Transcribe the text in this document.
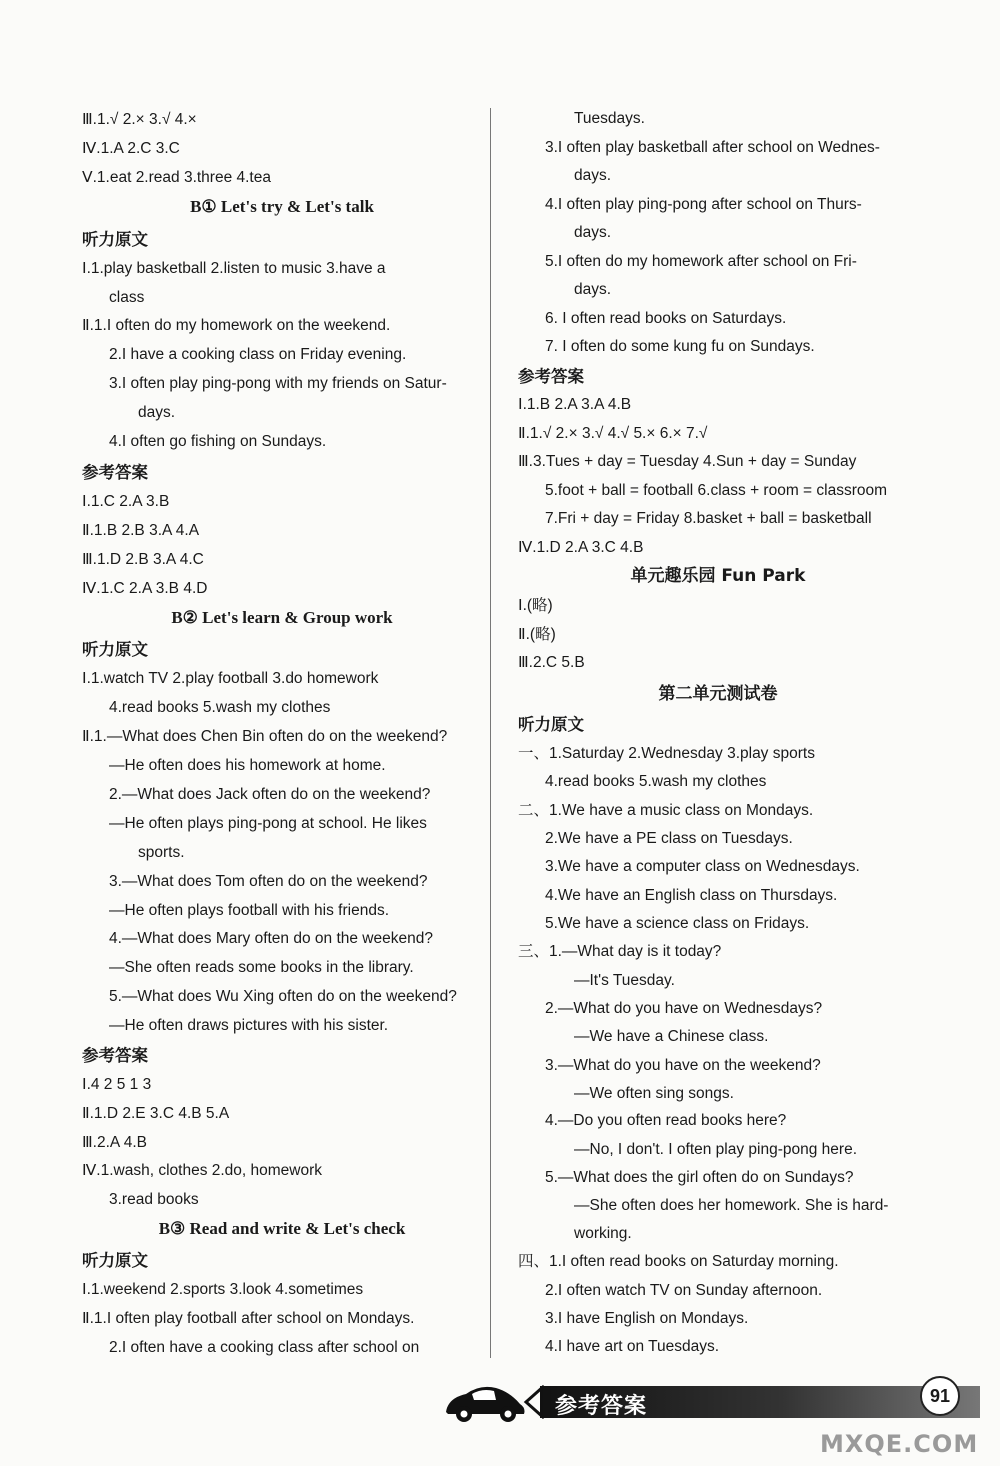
Ⅲ.1.√ 2.× 3.√ 4.×
Ⅳ.1.A 2.C 3.C
Ⅴ.1.eat 2.read 3.three 4.tea
B① Let's try & Let's talk
听力原文
Ⅰ.1.play basketball 2.listen to music 3.have a
class
Ⅱ.1.I often do my homework on the weekend.
2.I have a cooking class on Friday evening.
3.I often play ping-pong with my friends on Satur-
days.
4.I often go fishing on Sundays.
参考答案
Ⅰ.1.C 2.A 3.B
Ⅱ.1.B 2.B 3.A 4.A
Ⅲ.1.D 2.B 3.A 4.C
Ⅳ.1.C 2.A 3.B 4.D
B② Let's learn & Group work
听力原文
Ⅰ.1.watch TV 2.play football 3.do homework
4.read books 5.wash my clothes
Ⅱ.1.—What does Chen Bin often do on the weekend?
—He often does his homework at home.
2.—What does Jack often do on the weekend?
—He often plays ping-pong at school. He likes
sports.
3.—What does Tom often do on the weekend?
—He often plays football with his friends.
4.—What does Mary often do on the weekend?
—She often reads some books in the library.
5.—What does Wu Xing often do on the weekend?
—He often draws pictures with his sister.
参考答案
Ⅰ.4 2 5 1 3
Ⅱ.1.D 2.E 3.C 4.B 5.A
Ⅲ.2.A 4.B
Ⅳ.1.wash, clothes 2.do, homework
3.read books
B③ Read and write & Let's check
听力原文
Ⅰ.1.weekend 2.sports 3.look 4.sometimes
Ⅱ.1.I often play football after school on Mondays.
2.I often have a cooking class after school on
Tuesdays.
3.I often play basketball after school on Wednes-
days.
4.I often play ping-pong after school on Thurs-
days.
5.I often do my homework after school on Fri-
days.
6. I often read books on Saturdays.
7. I often do some kung fu on Sundays.
参考答案
Ⅰ.1.B 2.A 3.A 4.B
Ⅱ.1.√ 2.× 3.√ 4.√ 5.× 6.× 7.√
Ⅲ.3.Tues + day = Tuesday 4.Sun + day = Sunday
5.foot + ball = football 6.class + room = classroom
7.Fri + day = Friday 8.basket + ball = basketball
Ⅳ.1.D 2.A 3.C 4.B
单元趣乐园 Fun Park
Ⅰ.(略)
Ⅱ.(略)
Ⅲ.2.C 5.B
第二单元测试卷
听力原文
一、1.Saturday 2.Wednesday 3.play sports
4.read books 5.wash my clothes
二、1.We have a music class on Mondays.
2.We have a PE class on Tuesdays.
3.We have a computer class on Wednesdays.
4.We have an English class on Thursdays.
5.We have a science class on Fridays.
三、1.—What day is it today?
—It's Tuesday.
2.—What do you have on Wednesdays?
—We have a Chinese class.
3.—What do you have on the weekend?
—We often sing songs.
4.—Do you often read books here?
—No, I don't. I often play ping-pong here.
5.—What does the girl often do on Sundays?
—She often does her homework. She is hard-
working.
四、1.I often read books on Saturday morning.
2.I often watch TV on Sunday afternoon.
3.I have English on Mondays.
4.I have art on Tuesdays.
参考答案	91
MXQE.COM
